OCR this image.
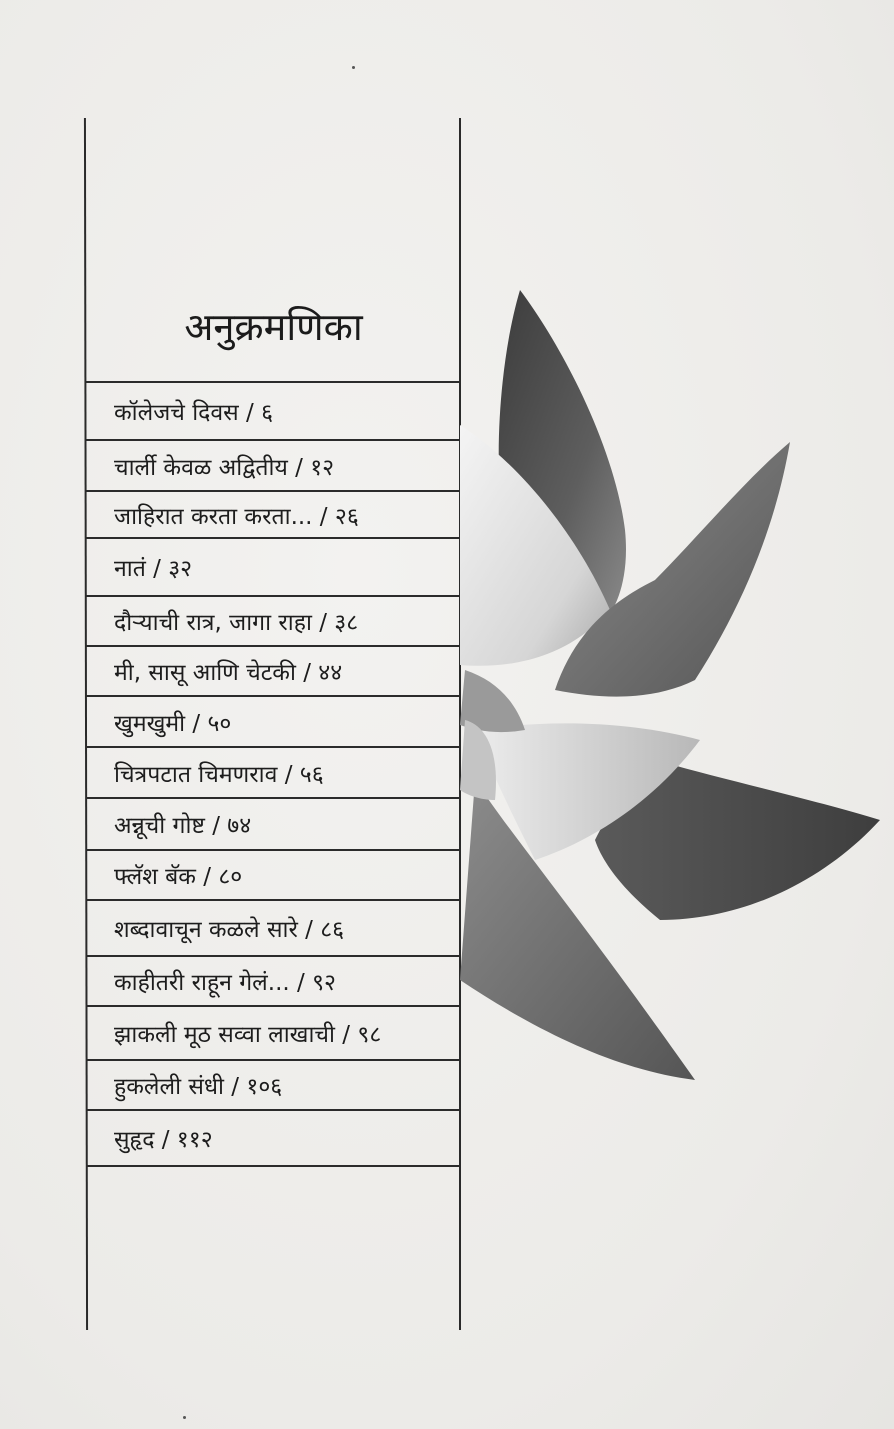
अनुक्रमणिका
कॉलेजचे दिवस / ६
चार्ली केवळ अद्वितीय / १२
जाहिरात करता करता... / २६
नातं / ३२
दौऱ्याची रात्र, जागा राहा / ३८
मी, सासू आणि चेटकी / ४४
खुमखुमी / ५०
चित्रपटात चिमणराव / ५६
अन्नूची गोष्ट / ७४
फ्लॅश बॅक / ८०
शब्दावाचून कळले सारे / ८६
काहीतरी राहून गेलं... / ९२
झाकली मूठ सव्वा लाखाची / ९८
हुकलेली संधी / १०६
सुहृद / ११२
